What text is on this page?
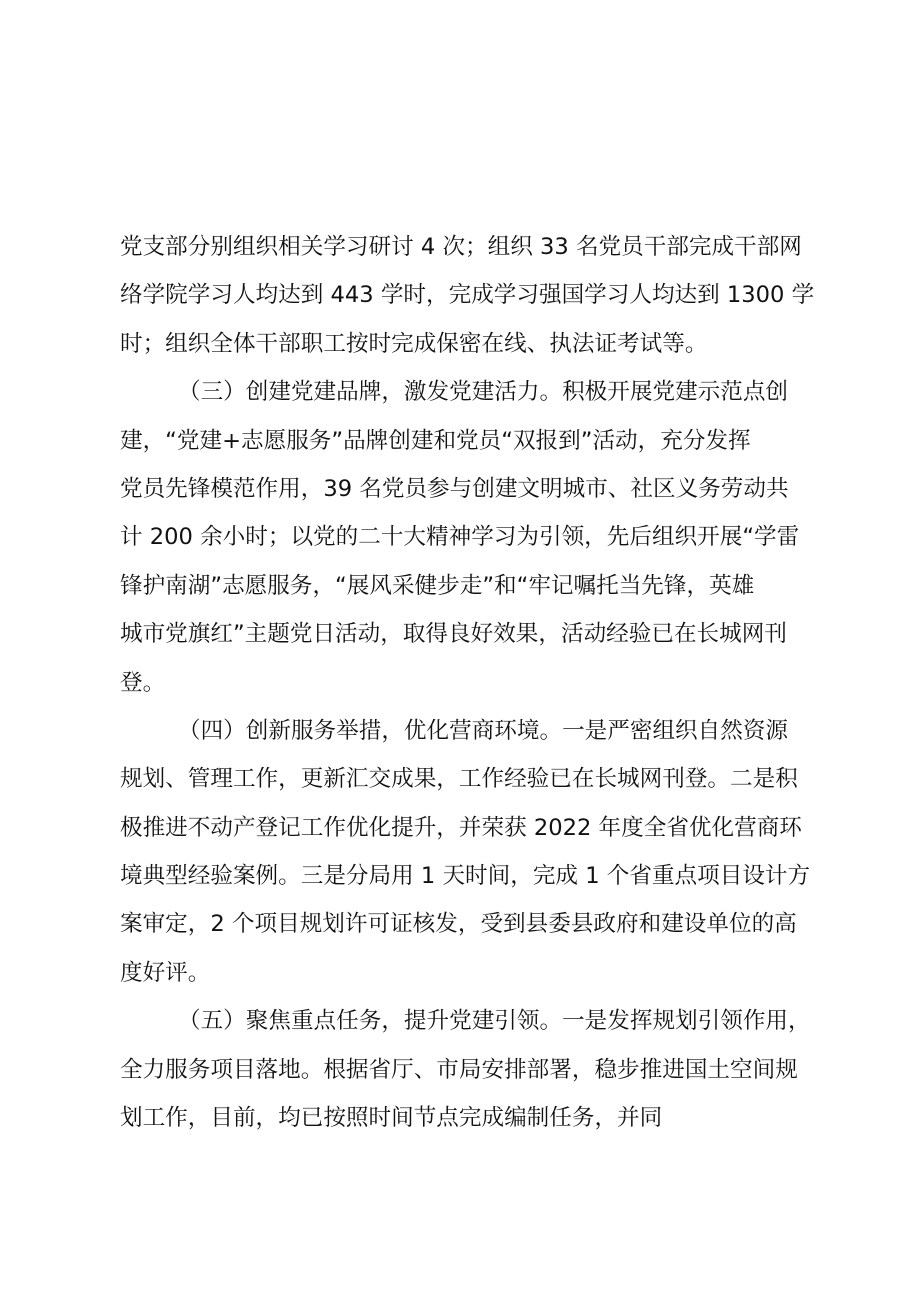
党支部分别组织相关学习研讨 4 次；组织 33 名党员干部完成干部网
络学院学习人均达到 443 学时，完成学习强国学习人均达到 1300 学
时；组织全体干部职工按时完成保密在线、执法证考试等。
（三）创建党建品牌，激发党建活力。积极开展党建示范点创
建，“党建+志愿服务”品牌创建和党员“双报到”活动，充分发挥
党员先锋模范作用，39 名党员参与创建文明城市、社区义务劳动共
计 200 余小时；以党的二十大精神学习为引领，先后组织开展“学雷
锋护南湖”志愿服务，“展风采健步走”和“牢记嘱托当先锋，英雄
城市党旗红”主题党日活动，取得良好效果，活动经验已在长城网刊
登。
（四）创新服务举措，优化营商环境。一是严密组织自然资源
规划、管理工作，更新汇交成果，工作经验已在长城网刊登。二是积
极推进不动产登记工作优化提升，并荣获 2022 年度全省优化营商环
境典型经验案例。三是分局用 1 天时间，完成 1 个省重点项目设计方
案审定，2 个项目规划许可证核发，受到县委县政府和建设单位的高
度好评。
（五）聚焦重点任务，提升党建引领。一是发挥规划引领作用，
全力服务项目落地。根据省厅、市局安排部署，稳步推进国土空间规
划工作，目前，均已按照时间节点完成编制任务，并同
